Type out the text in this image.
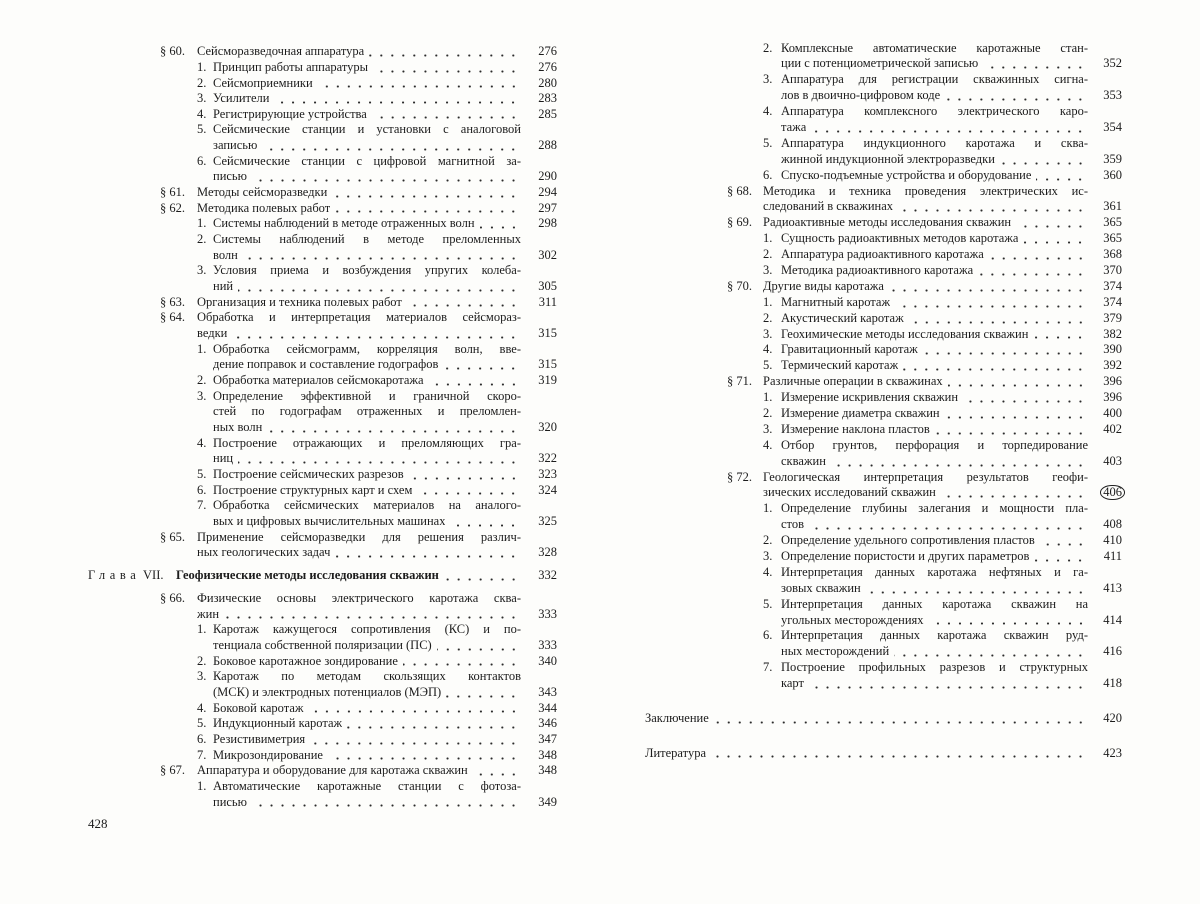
§ 60. Сейсморазведочная аппаратура	276
1. Принцип работы аппаратуры	276
2. Сейсмоприемники	280
3. Усилители	283
4. Регистрирующие устройства	285
5. Сейсмические станции и установки с аналоговой
записью	288
6. Сейсмические станции с цифровой магнитной за-
писью	290
§ 61. Методы сейсморазведки	294
§ 62. Методика полевых работ	297
1. Системы наблюдений в методе отраженных волн	298
2. Системы наблюдений в методе преломленных
волн	302
3. Условия приема и возбуждения упругих колеба-
ний	305
§ 63. Организация и техника полевых работ	311
§ 64. Обработка и интерпретация материалов сейсмораз-
ведки	315
1. Обработка сейсмограмм, корреляция волн, вве-
дение поправок и составление годографов	315
2. Обработка материалов сейсмокаротажа	319
3. Определение эффективной и граничной скоро-
стей по годографам отраженных и преломлен-
ных волн	320
4. Построение отражающих и преломляющих гра-
ниц	322
5. Построение сейсмических разрезов	323
6. Построение структурных карт и схем	324
7. Обработка сейсмических материалов на аналого-
вых и цифровых вычислительных машинах	325
§ 65. Применение сейсморазведки для решения различ-
ных геологических задач	328
Глава VII. Геофизические методы исследования скважин	332
§ 66. Физические основы электрического каротажа сква-
жин	333
1. Каротаж кажущегося сопротивления (КС) и по-
тенциала собственной поляризации (ПС)	333
2. Боковое каротажное зондирование	340
3. Каротаж по методам скользящих контактов
(МСК) и электродных потенциалов (МЭП)	343
4. Боковой каротаж	344
5. Индукционный каротаж	346
6. Резистивиметрия	347
7. Микрозондирование	348
§ 67. Аппаратура и оборудование для каротажа скважин	348
1. Автоматические каротажные станции с фотоза-
писью	349
2. Комплексные автоматические каротажные стан-
ции с потенциометрической записью	352
3. Аппаратура для регистрации скважинных сигна-
лов в двоично-цифровом коде	353
4. Аппаратура комплексного электрического каро-
тажа	354
5. Аппаратура индукционного каротажа и сква-
жинной индукционной электроразведки	359
6. Спуско-подъемные устройства и оборудование	360
§ 68. Методика и техника проведения электрических ис-
следований в скважинах	361
§ 69. Радиоактивные методы исследования скважин	365
1. Сущность радиоактивных методов каротажа	365
2. Аппаратура радиоактивного каротажа	368
3. Методика радиоактивного каротажа	370
§ 70. Другие виды каротажа	374
1. Магнитный каротаж	374
2. Акустический каротаж	379
3. Геохимические методы исследования скважин	382
4. Гравитационный каротаж	390
5. Термический каротаж	392
§ 71. Различные операции в скважинах	396
1. Измерение искривления скважин	396
2. Измерение диаметра скважин	400
3. Измерение наклона пластов	402
4. Отбор грунтов, перфорация и торпедирование
скважин	403
§ 72. Геологическая интерпретация результатов геофи-
зических исследований скважин	406
1. Определение глубины залегания и мощности пла-
стов	408
2. Определение удельного сопротивления пластов	410
3. Определение пористости и других параметров	411
4. Интерпретация данных каротажа нефтяных и га-
зовых скважин	413
5. Интерпретация данных каротажа скважин на
угольных месторождениях	414
6. Интерпретация данных каротажа скважин руд-
ных месторождений	416
7. Построение профильных разрезов и структурных
карт	418
Заключение	420
Литература	423
428
